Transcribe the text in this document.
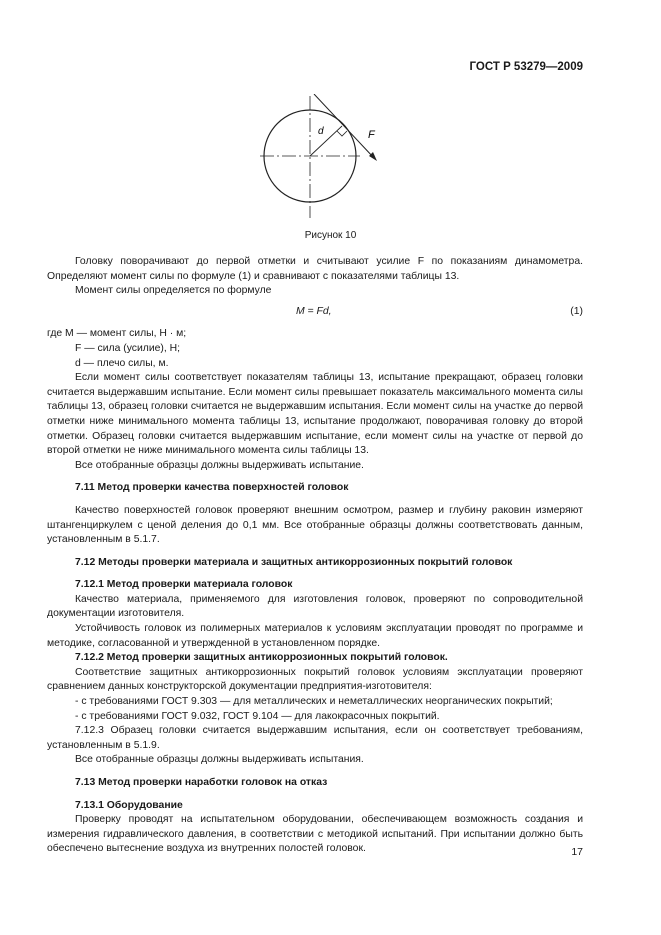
ГОСТ Р 53279—2009
d	F
Рисунок 10

Головку поворачивают до первой отметки и считывают усилие F по показаниям динамометра. Определяют момент силы по формуле (1) и сравнивают с показателями таблицы 13.

Момент силы определяется по формуле

M = Fd,	(1)

где M — момент силы, Н · м;

F — сила (усилие), Н;

d — плечо силы, м.

Если момент силы соответствует показателям таблицы 13, испытание прекращают, образец головки считается выдержавшим испытание. Если момент силы превышает показатель максимального момента силы таблицы 13, образец головки считается не выдержавшим испытания. Если момент силы на участке до первой отметки ниже минимального момента таблицы 13, испытание продолжают, поворачивая головку до второй отметки. Образец головки считается выдержавшим испытание, если момент силы на участке от первой до второй отметки не ниже минимального момента силы таблицы 13.

Все отобранные образцы должны выдерживать испытание.

7.11 Метод проверки качества поверхностей головок

Качество поверхностей головок проверяют внешним осмотром, размер и глубину раковин измеряют штангенциркулем с ценой деления до 0,1 мм. Все отобранные образцы должны соответствовать данным, установленным в 5.1.7.

7.12 Методы проверки материала и защитных антикоррозионных покрытий головок

7.12.1 Метод проверки материала головок

Качество материала, применяемого для изготовления головок, проверяют по сопроводительной документации изготовителя.

Устойчивость головок из полимерных материалов к условиям эксплуатации проводят по программе и методике, согласованной и утвержденной в установленном порядке.

7.12.2 Метод проверки защитных антикоррозионных покрытий головок.

Соответствие защитных антикоррозионных покрытий головок условиям эксплуатации проверяют сравнением данных конструкторской документации предприятия-изготовителя:

- с требованиями ГОСТ 9.303 — для металлических и неметаллических неорганических покрытий;

- с требованиями ГОСТ 9.032, ГОСТ 9.104 — для лакокрасочных покрытий.

7.12.3 Образец головки считается выдержавшим испытания, если он соответствует требованиям, установленным в 5.1.9.

Все отобранные образцы должны выдерживать испытания.

7.13 Метод проверки наработки головок на отказ

7.13.1 Оборудование

Проверку проводят на испытательном оборудовании, обеспечивающем возможность создания и измерения гидравлического давления, в соответствии с методикой испытаний. При испытании должно быть обеспечено вытеснение воздуха из внутренних полостей головок.	17
